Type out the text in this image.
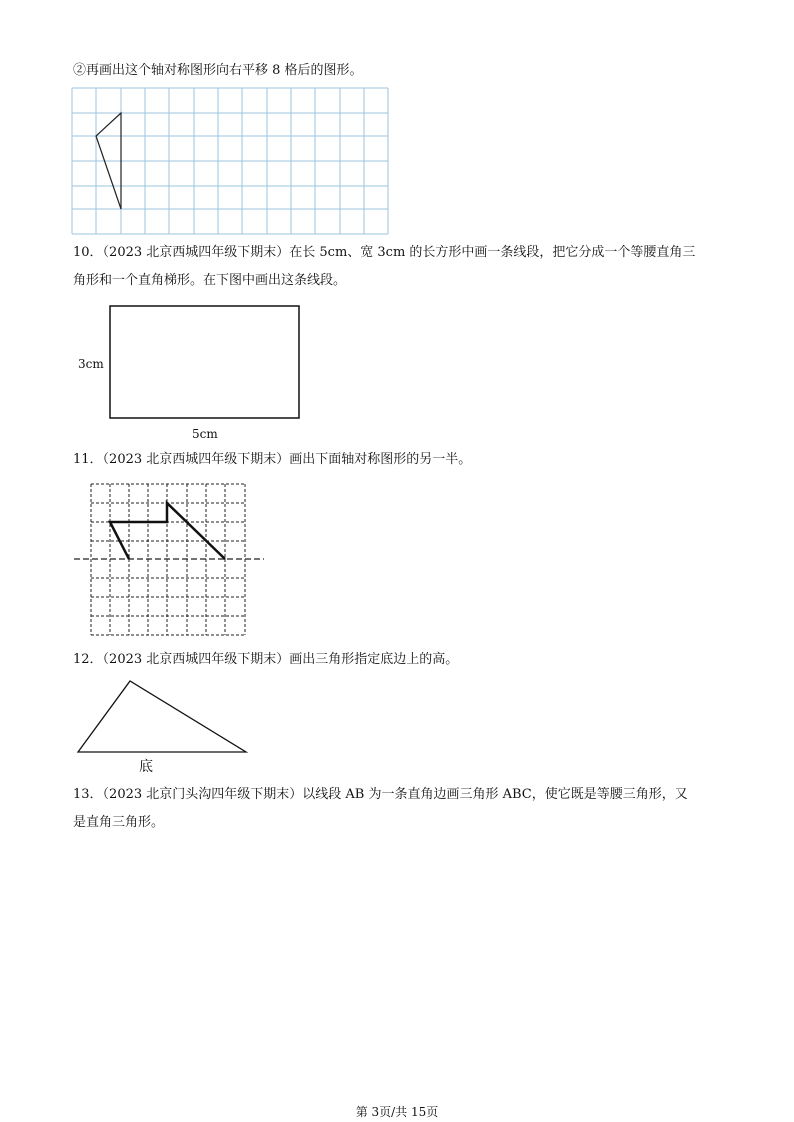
②再画出这个轴对称图形向右平移 8 格后的图形。
10．（2023 北京西城四年级下期末）在长 5cm、宽 3cm 的长方形中画一条线段，把它分成一个等腰直角三
角形和一个直角梯形。在下图中画出这条线段。
3cm
5cm
11．（2023 北京西城四年级下期末）画出下面轴对称图形的另一半。
12．（2023 北京西城四年级下期末）画出三角形指定底边上的高。
底
13．（2023 北京门头沟四年级下期末）以线段 AB 为一条直角边画三角形 ABC，使它既是等腰三角形，又
是直角三角形。
第 3页/共 15页
